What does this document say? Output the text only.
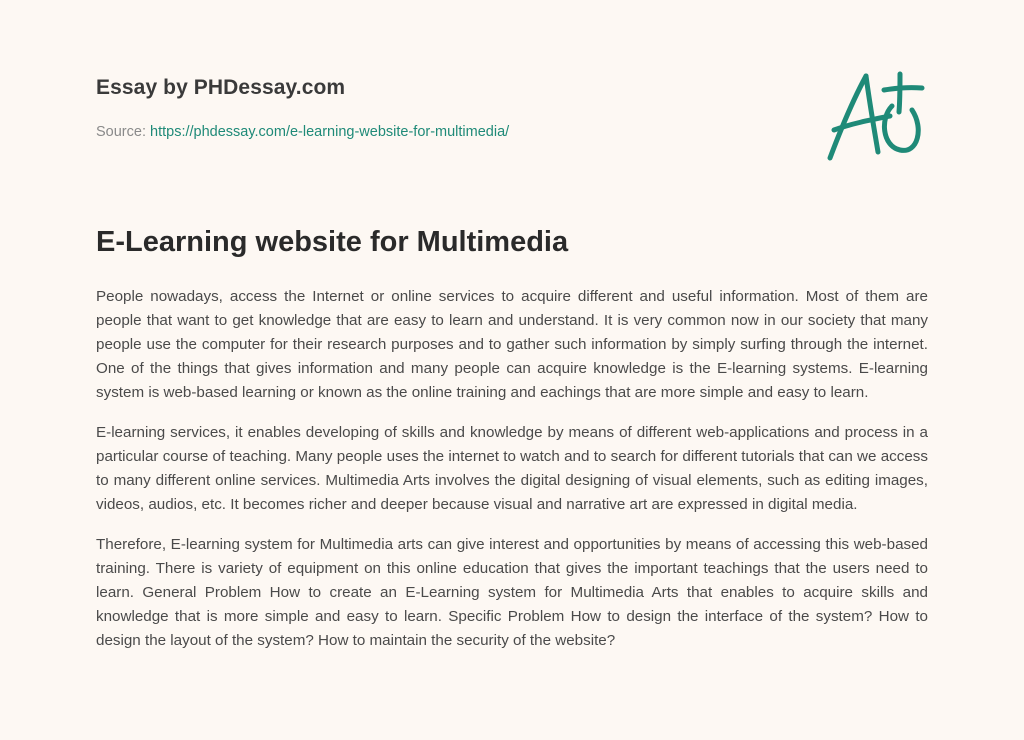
Essay by PHDessay.com
Source: https://phdessay.com/e-learning-website-for-multimedia/
E-Learning website for Multimedia

People nowadays, access the Internet or online services to acquire different and useful information. Most of them are people that want to get knowledge that are easy to learn and understand. It is very common now in our society that many people use the computer for their research purposes and to gather such information by simply surfing through the internet. One of the things that gives information and many people can acquire knowledge is the E-learning systems. E-learning system is web-based learning or known as the online training and eachings that are more simple and easy to learn.

E-learning services, it enables developing of skills and knowledge by means of different web-applications and process in a particular course of teaching. Many people uses the internet to watch and to search for different tutorials that can we access to many different online services. Multimedia Arts involves the digital designing of visual elements, such as editing images, videos, audios, etc. It becomes richer and deeper because visual and narrative art are expressed in digital media.

Therefore, E-learning system for Multimedia arts can give interest and opportunities by means of accessing this web-based training. There is variety of equipment on this online education that gives the important teachings that the users need to learn. General Problem How to create an E-Learning system for Multimedia Arts that enables to acquire skills and knowledge that is more simple and easy to learn. Specific Problem How to design the interface of the system? How to design the layout of the system? How to maintain the security of the website?
